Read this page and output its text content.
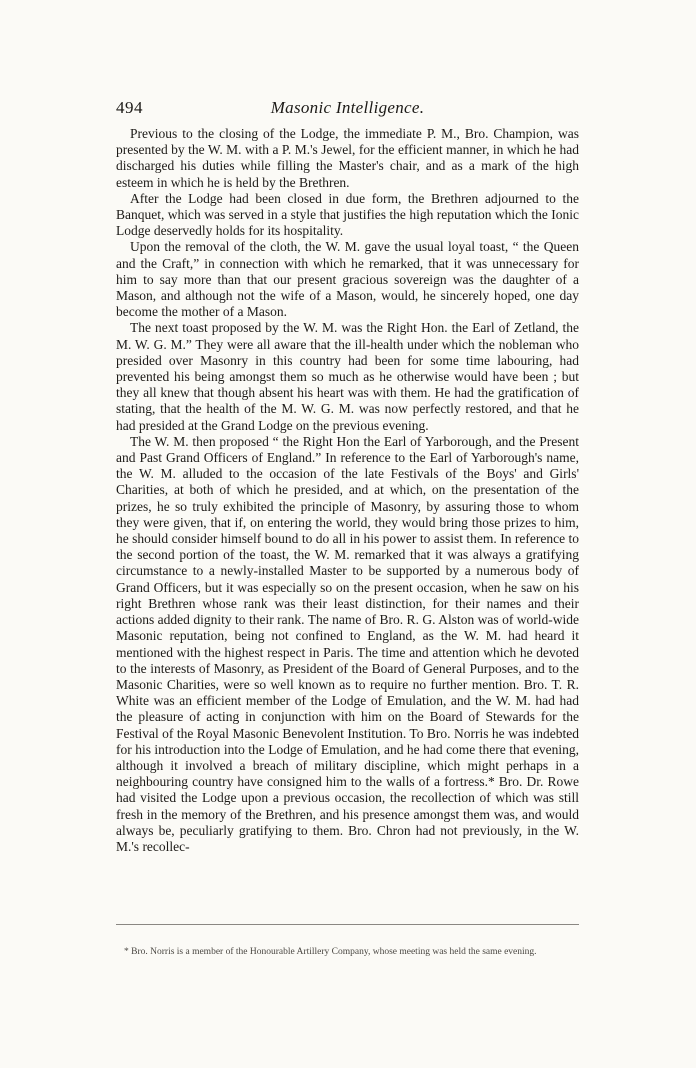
494	Masonic Intelligence.

Previous to the closing of the Lodge, the immediate P. M., Bro. Champion, was presented by the W. M. with a P. M.'s Jewel, for the efficient manner, in which he had discharged his duties while filling the Master's chair, and as a mark of the high esteem in which he is held by the Brethren.

After the Lodge had been closed in due form, the Brethren adjourned to the Banquet, which was served in a style that justifies the high reputation which the Ionic Lodge deservedly holds for its hospitality.

Upon the removal of the cloth, the W. M. gave the usual loyal toast, “ the Queen and the Craft,” in connection with which he remarked, that it was unnecessary for him to say more than that our present gracious sovereign was the daughter of a Mason, and although not the wife of a Mason, would, he sincerely hoped, one day become the mother of a Mason.

The next toast proposed by the W. M. was the Right Hon. the Earl of Zetland, the M. W. G. M.” They were all aware that the ill-health under which the nobleman who presided over Masonry in this country had been for some time labouring, had prevented his being amongst them so much as he otherwise would have been ; but they all knew that though absent his heart was with them. He had the gratification of stating, that the health of the M. W. G. M. was now perfectly restored, and that he had presided at the Grand Lodge on the previous evening.

The W. M. then proposed “ the Right Hon the Earl of Yarborough, and the Present and Past Grand Officers of England.” In reference to the Earl of Yarborough's name, the W. M. alluded to the occasion of the late Festivals of the Boys' and Girls' Charities, at both of which he presided, and at which, on the presentation of the prizes, he so truly exhibited the principle of Masonry, by assuring those to whom they were given, that if, on entering the world, they would bring those prizes to him, he should consider himself bound to do all in his power to assist them. In reference to the second portion of the toast, the W. M. remarked that it was always a gratifying circumstance to a newly-installed Master to be supported by a numerous body of Grand Officers, but it was especially so on the present occasion, when he saw on his right Brethren whose rank was their least distinction, for their names and their actions added dignity to their rank. The name of Bro. R. G. Alston was of world-wide Masonic reputation, being not confined to England, as the W. M. had heard it mentioned with the highest respect in Paris. The time and attention which he devoted to the interests of Masonry, as President of the Board of General Purposes, and to the Masonic Charities, were so well known as to require no further mention. Bro. T. R. White was an efficient member of the Lodge of Emulation, and the W. M. had had the pleasure of acting in conjunction with him on the Board of Stewards for the Festival of the Royal Masonic Benevolent Institution. To Bro. Norris he was indebted for his introduction into the Lodge of Emulation, and he had come there that evening, although it involved a breach of military discipline, which might perhaps in a neighbouring country have consigned him to the walls of a fortress.* Bro. Dr. Rowe had visited the Lodge upon a previous occasion, the recollection of which was still fresh in the memory of the Brethren, and his presence amongst them was, and would always be, peculiarly gratifying to them. Bro. Chron had not previously, in the W. M.'s recollec-

* Bro. Norris is a member of the Honourable Artillery Company, whose meeting was held the same evening.
